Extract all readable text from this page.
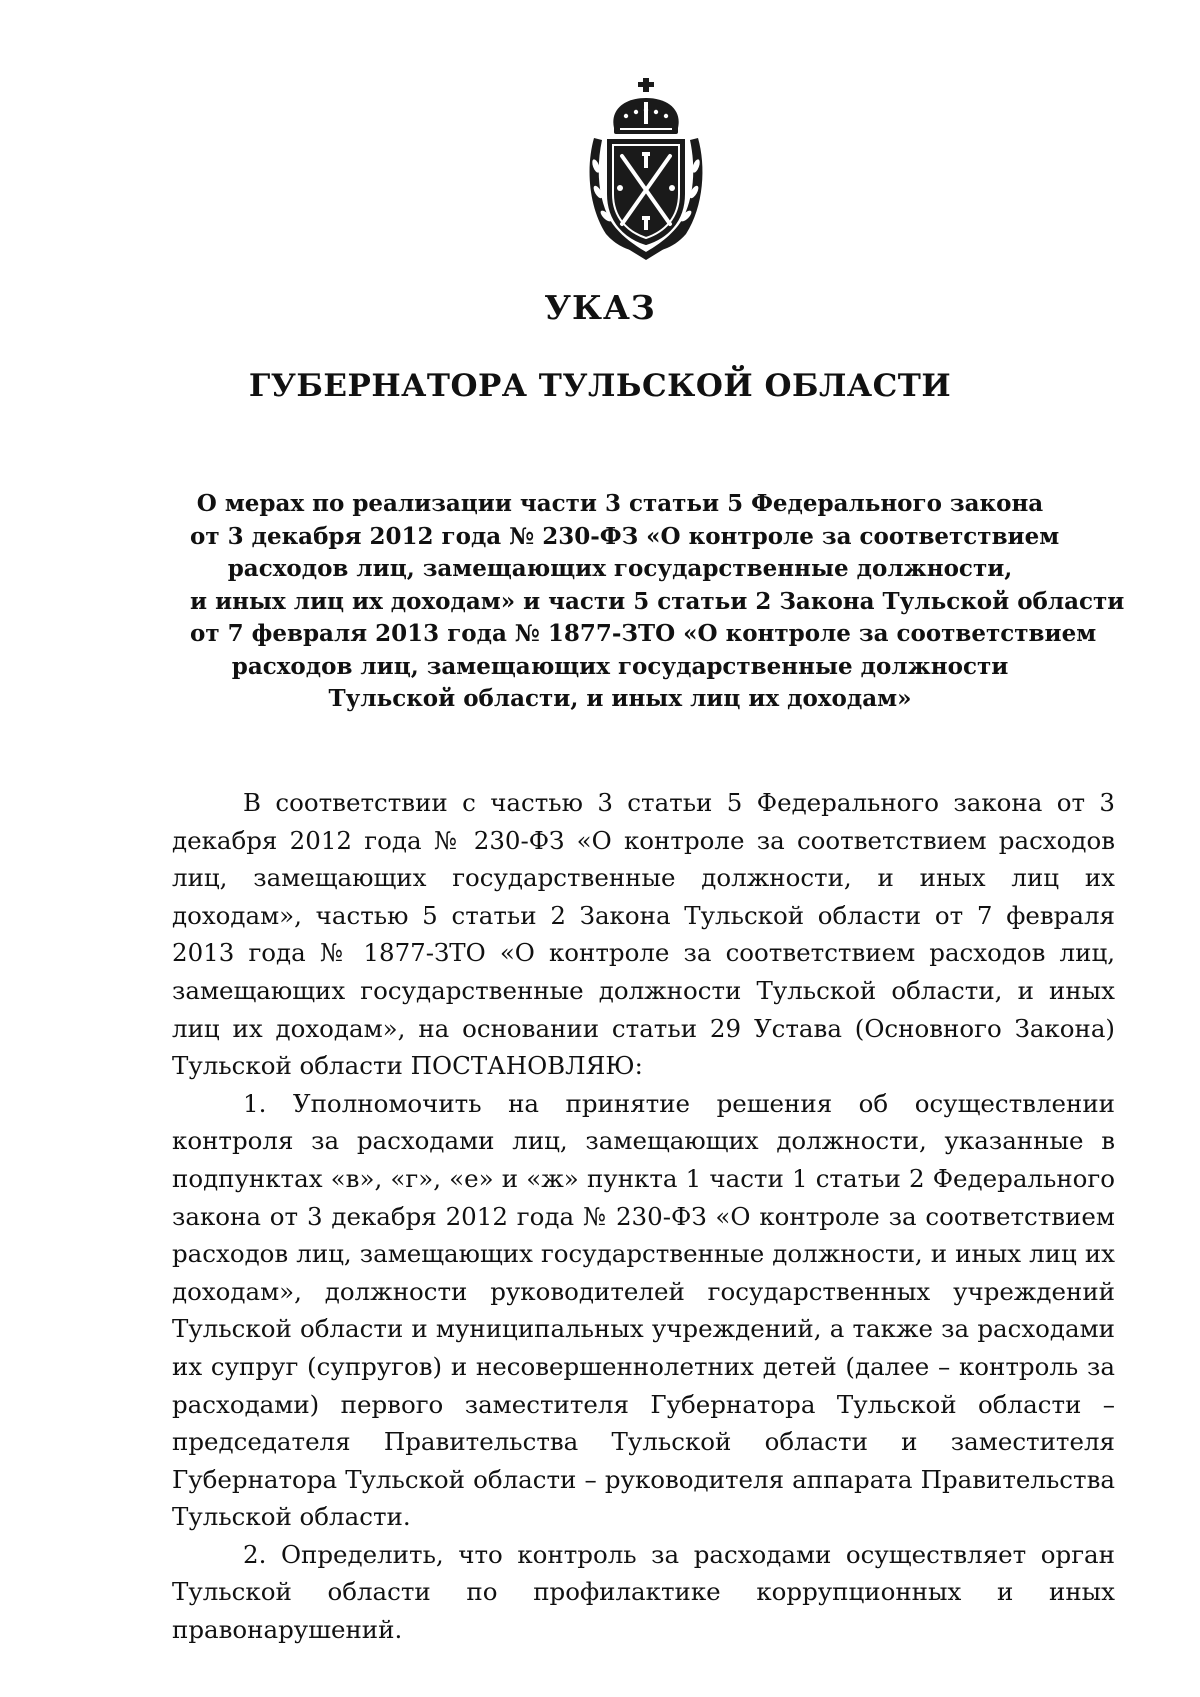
УКАЗ
ГУБЕРНАТОРА ТУЛЬСКОЙ ОБЛАСТИ
О мерах по реализации части 3 статьи 5 Федерального закона
от 3 декабря 2012 года № 230-ФЗ «О контроле за соответствием
расходов лиц, замещающих государственные должности,
и иных лиц их доходам» и части 5 статьи 2 Закона Тульской области
от 7 февраля 2013 года № 1877-ЗТО «О контроле за соответствием
расходов лиц, замещающих государственные должности
Тульской области, и иных лиц их доходам»

В соответствии с частью 3 статьи 5 Федерального закона от 3 декабря 2012 года № 230-ФЗ «О контроле за соответствием расходов лиц, замещающих государственные должности, и иных лиц их доходам», частью 5 статьи 2 Закона Тульской области от 7 февраля 2013 года № 1877-ЗТО «О контроле за соответствием расходов лиц, замещающих государственные должности Тульской области, и иных лиц их доходам», на основании статьи 29 Устава (Основного Закона) Тульской области ПОСТАНОВЛЯЮ:

1. Уполномочить на принятие решения об осуществлении контроля за расходами лиц, замещающих должности, указанные в подпунктах «в», «г», «е» и «ж» пункта 1 части 1 статьи 2 Федерального закона от 3 декабря 2012 года № 230-ФЗ «О контроле за соответствием расходов лиц, замещающих государственные должности, и иных лиц их доходам», должности руководителей государственных учреждений Тульской области и муниципальных учреждений, а также за расходами их супруг (супругов) и несовершеннолетних детей (далее – контроль за расходами) первого заместителя Губернатора Тульской области – председателя Правительства Тульской области и заместителя Губернатора Тульской области – руководителя аппарата Правительства Тульской области.

2. Определить, что контроль за расходами осуществляет орган Тульской области по профилактике коррупционных и иных правонарушений.
